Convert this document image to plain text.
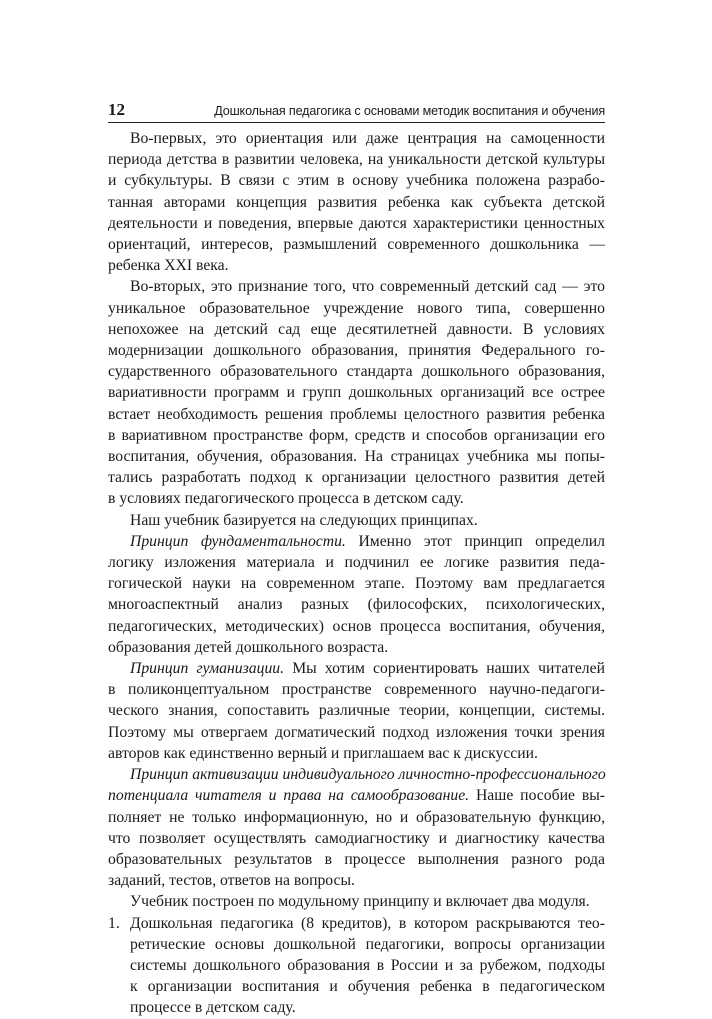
12	Дошкольная педагогика с основами методик воспитания и обучения
Во-первых, это ориентация или даже центрация на самоценности
периода детства в развитии человека, на уникальности детской культуры
и субкультуры. В связи с этим в основу учебника положена разрабо-
танная авторами концепция развития ребенка как субъекта детской
деятельности и поведения, впервые даются характеристики ценностных
ориентаций, интересов, размышлений современного дошкольника —
ребенка XXI века.
Во-вторых, это признание того, что современный детский сад — это
уникальное образовательное учреждение нового типа, совершенно
непохожее на детский сад еще десятилетней давности. В условиях
модернизации дошкольного образования, принятия Федерального го-
сударственного образовательного стандарта дошкольного образования,
вариативности программ и групп дошкольных организаций все острее
встает необходимость решения проблемы целостного развития ребенка
в вариативном пространстве форм, средств и способов организации его
воспитания, обучения, образования. На страницах учебника мы попы-
тались разработать подход к организации целостного развития детей
в условиях педагогического процесса в детском саду.
Наш учебник базируется на следующих принципах.
Принцип фундаментальности. Именно этот принцип определил
логику изложения материала и подчинил ее логике развития педа-
гогической науки на современном этапе. Поэтому вам предлагается
многоаспектный анализ разных (философских, психологических,
педагогических, методических) основ процесса воспитания, обучения,
образования детей дошкольного возраста.
Принцип гуманизации. Мы хотим сориентировать наших читателей
в поликонцептуальном пространстве современного научно-педагоги-
ческого знания, сопоставить различные теории, концепции, системы.
Поэтому мы отвергаем догматический подход изложения точки зрения
авторов как единственно верный и приглашаем вас к дискуссии.
Принцип активизации индивидуального личностно-профессионального
потенциала читателя и права на самообразование. Наше пособие вы-
полняет не только информационную, но и образовательную функцию,
что позволяет осуществлять самодиагностику и диагностику качества
образовательных результатов в процессе выполнения разного рода
заданий, тестов, ответов на вопросы.
Учебник построен по модульному принципу и включает два модуля.
1. Дошкольная педагогика (8 кредитов), в котором раскрываются тео-
ретические основы дошкольной педагогики, вопросы организации
системы дошкольного образования в России и за рубежом, подходы
к организации воспитания и обучения ребенка в педагогическом
процессе в детском саду.
